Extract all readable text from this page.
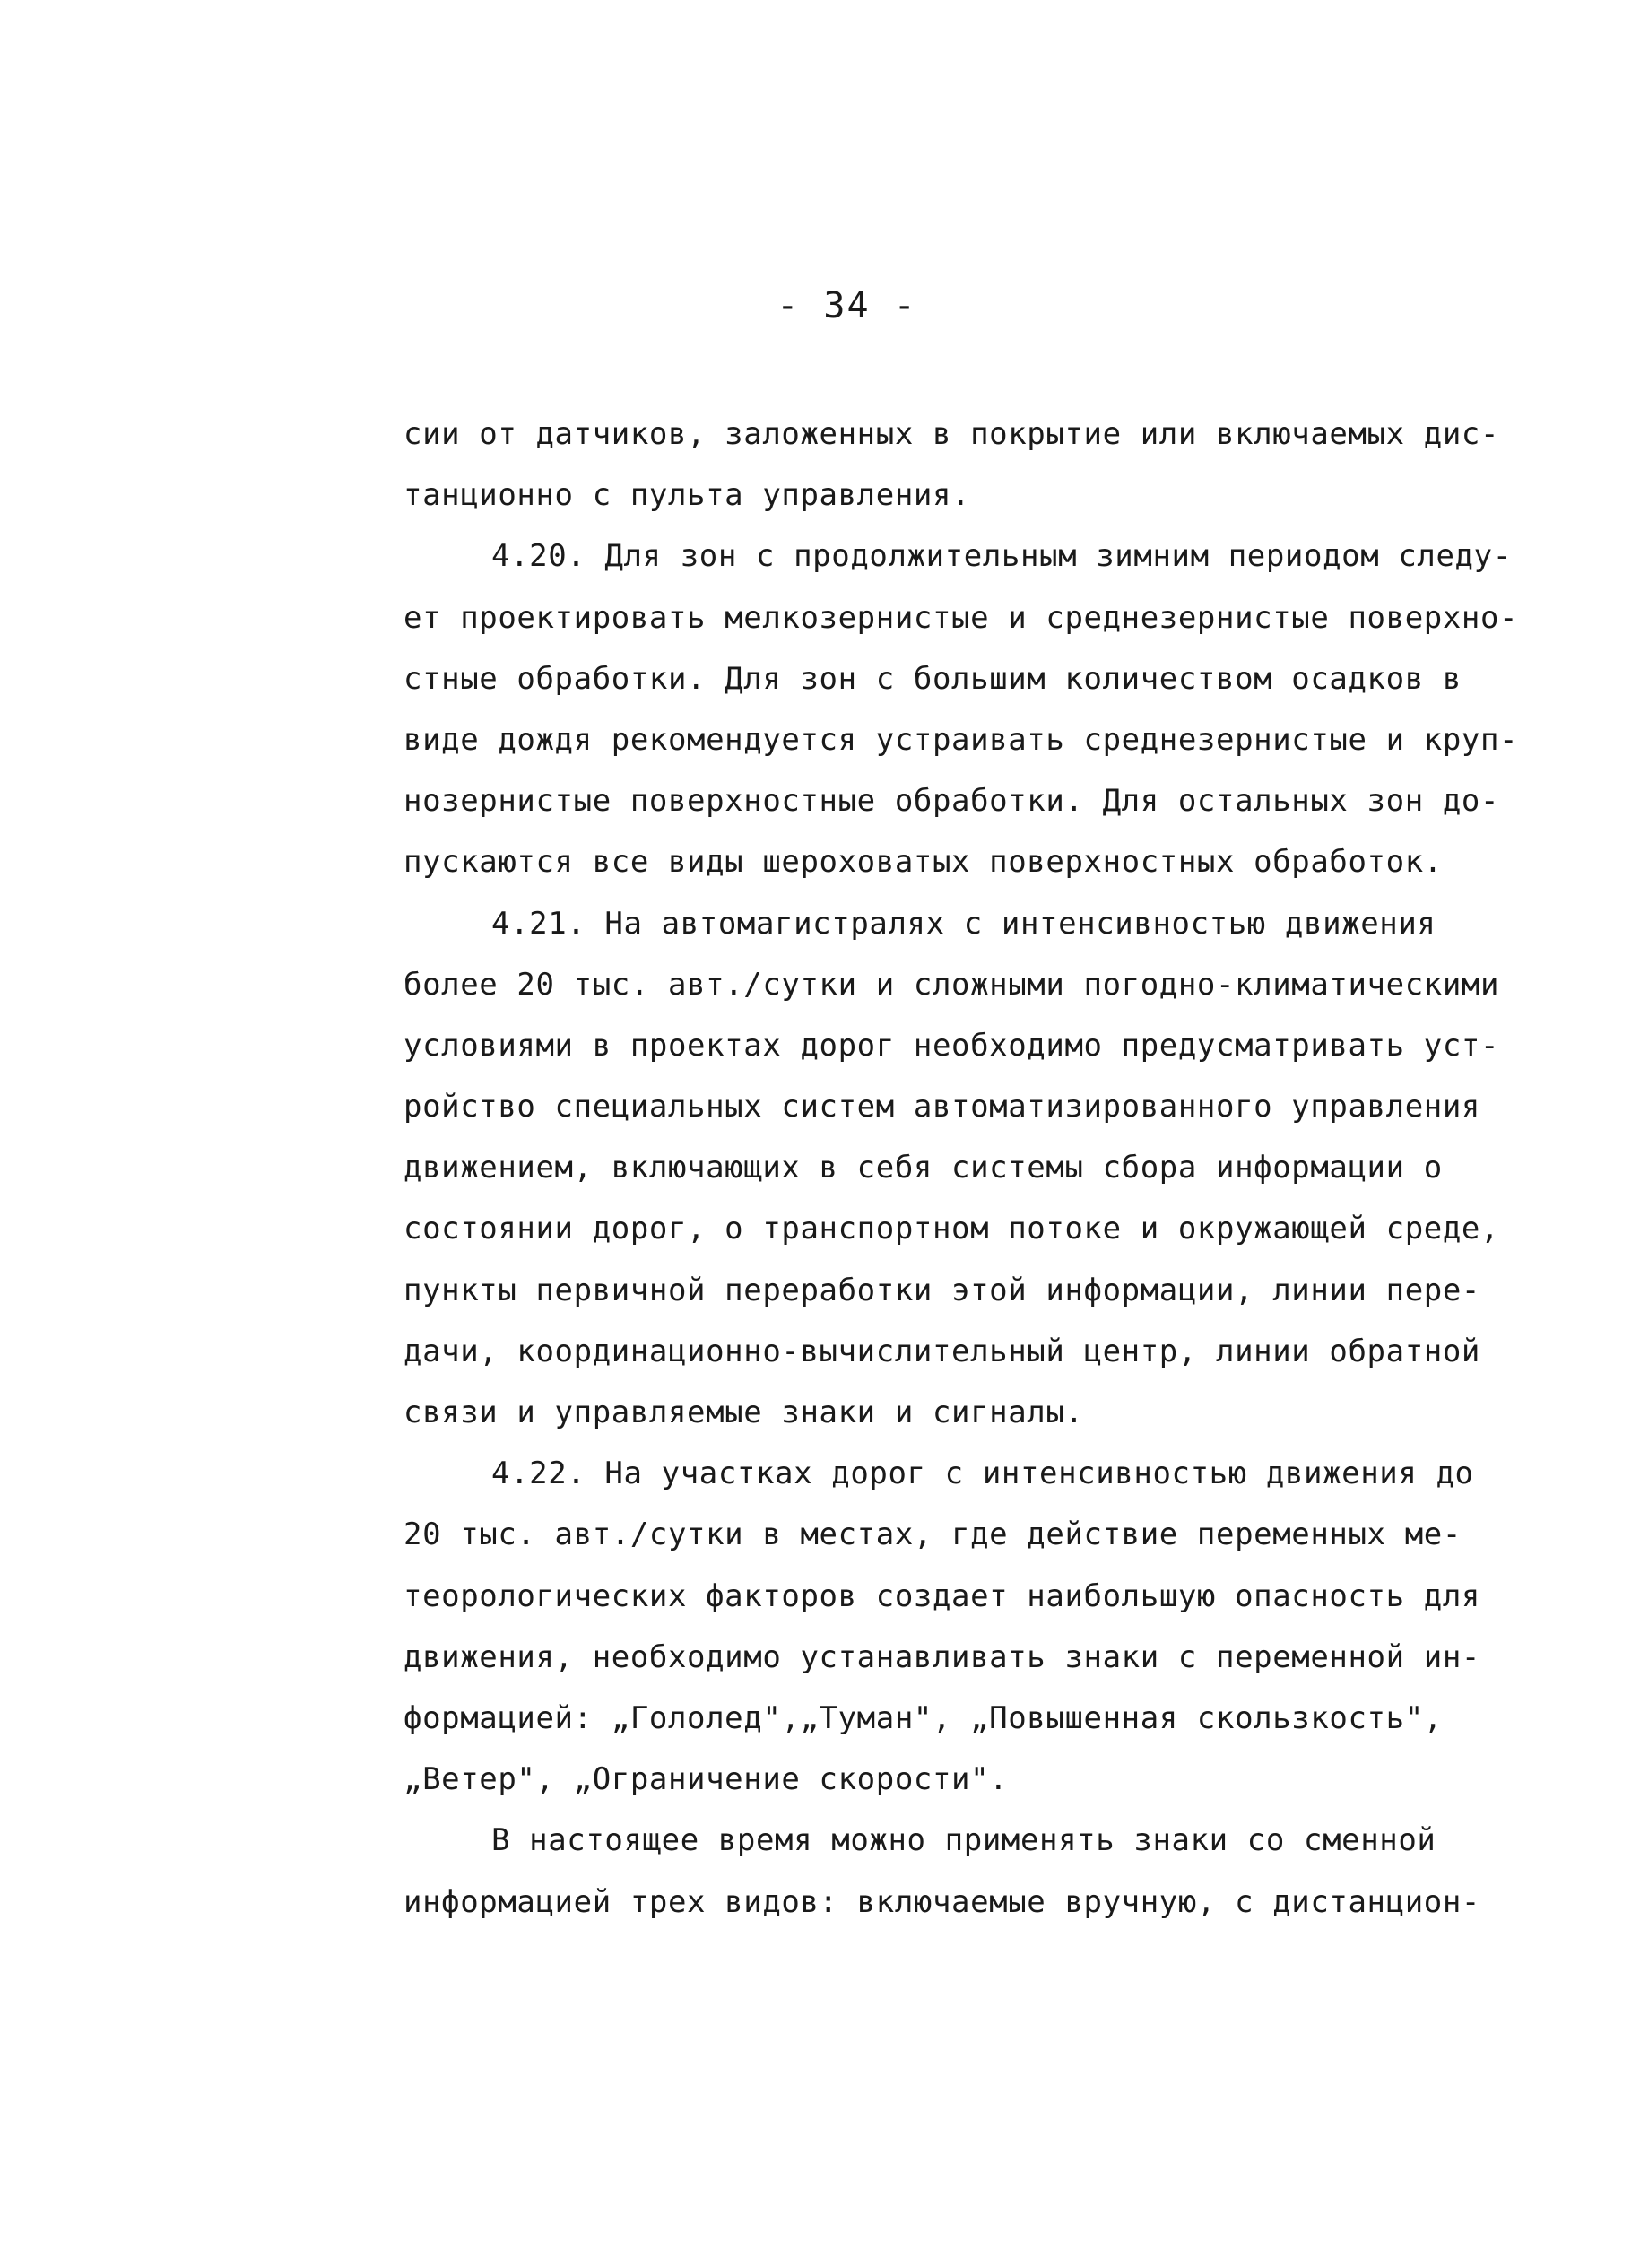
- 34 -
сии от датчиков, заложенных в покрытие или включаемых дис-
танционно с пульта управления.
4.20. Для зон с продолжительным зимним периодом следу-
ет проектировать мелкозернистые и среднезернистые поверхно-
стные обработки. Для зон с большим количеством осадков в
виде дождя рекомендуется устраивать среднезернистые и круп-
нозернистые поверхностные обработки. Для остальных зон до-
пускаются все виды шероховатых поверхностных обработок.
4.21. На автомагистралях с интенсивностью движения
более 20 тыс. авт./сутки и сложными погодно-климатическими
условиями в проектах дорог необходимо предусматривать уст-
ройство специальных систем автоматизированного управления
движением, включающих в себя системы сбора информации о
состоянии дорог, о транспортном потоке и окружающей среде,
пункты первичной переработки этой информации, линии пере-
дачи, координационно-вычислительный центр, линии обратной
связи и управляемые знаки и сигналы.
4.22. На участках дорог с интенсивностью движения до
20 тыс. авт./сутки в местах, где действие переменных ме-
теорологических факторов создает наибольшую опасность для
движения, необходимо устанавливать знаки с переменной ин-
формацией: „Гололед",„Туман", „Повышенная скользкость",
„Ветер", „Ограничение скорости".
В настоящее время можно применять знаки со сменной
информацией трех видов: включаемые вручную, с дистанцион-
